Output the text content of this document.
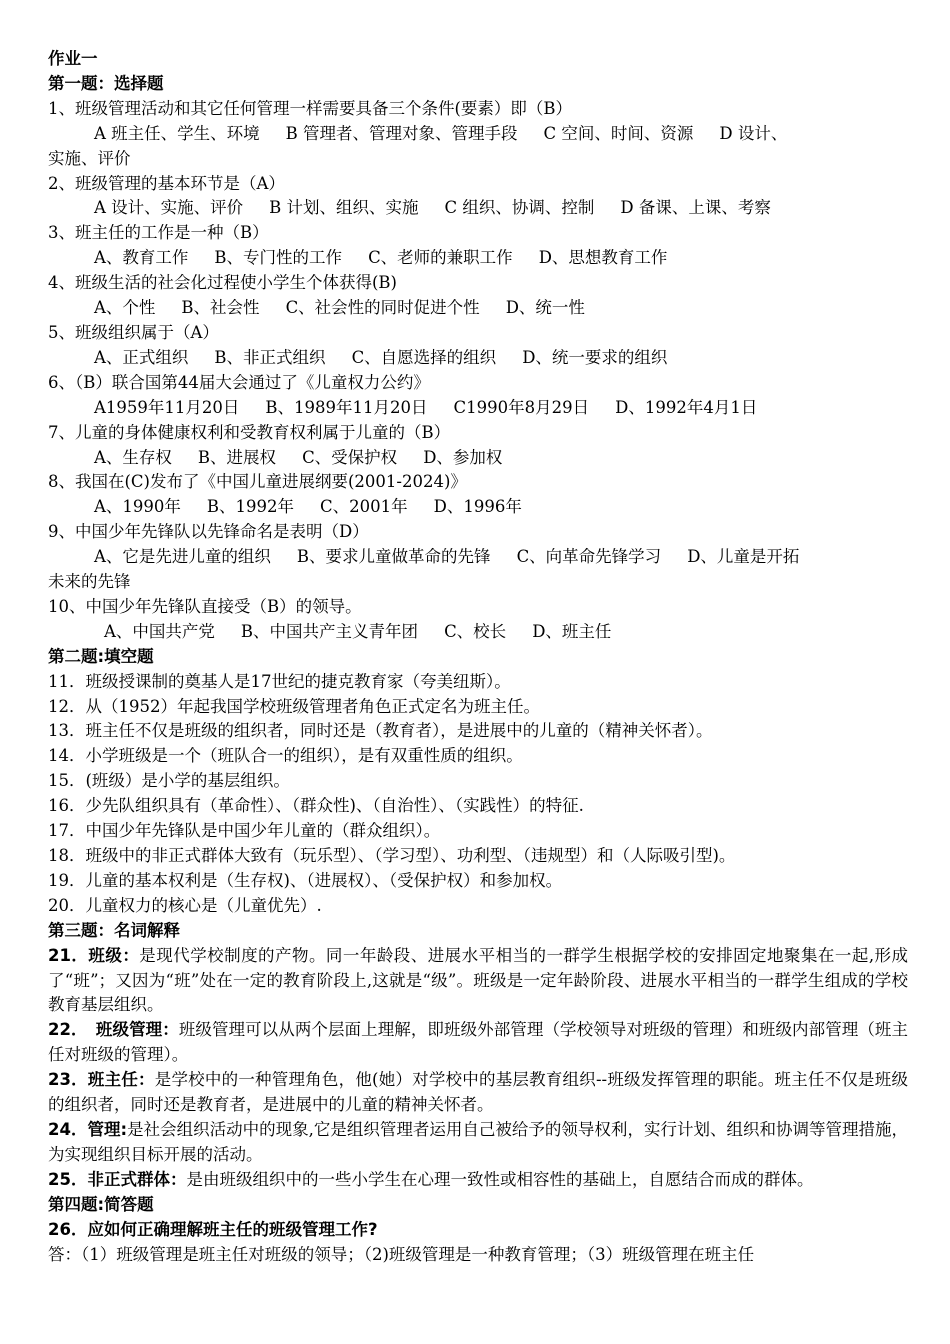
作业一
第一题：选择题
1、班级管理活动和其它任何管理一样需要具备三个条件(要素）即（B）
A 班主任、学生、环境 B 管理者、管理对象、管理手段 C 空间、时间、资源 D 设计、
实施、评价
2、班级管理的基本环节是（A）
A 设计、实施、评价 B 计划、组织、实施 C 组织、协调、控制 D 备课、上课、考察
3、班主任的工作是一种（B）
A、教育工作 B、专门性的工作 C、老师的兼职工作 D、思想教育工作
4、班级生活的社会化过程使小学生个体获得(B)
A、个性 B、社会性 C、社会性的同时促进个性 D、统一性
5、班级组织属于（A）
A、正式组织 B、非正式组织 C、自愿选择的组织 D、统一要求的组织
6、（B）联合国第44届大会通过了《儿童权力公约》
A1959年11月20日 B、1989年11月20日 C1990年8月29日 D、1992年4月1日
7、儿童的身体健康权利和受教育权利属于儿童的（B）
A、生存权 B、进展权 C、受保护权 D、参加权
8、我国在(C)发布了《中国儿童进展纲要(2001-2024)》
A、1990年 B、1992年 C、2001年 D、1996年
9、中国少年先锋队以先锋命名是表明（D）
A、它是先进儿童的组织 B、要求儿童做革命的先锋 C、向革命先锋学习 D、儿童是开拓
未来的先锋
10、中国少年先锋队直接受（B）的领导。
A、中国共产党 B、中国共产主义青年团 C、校长 D、班主任
第二题:填空题
11．班级授课制的奠基人是17世纪的捷克教育家（夸美纽斯）。
12．从（1952）年起我国学校班级管理者角色正式定名为班主任。
13．班主任不仅是班级的组织者，同时还是（教育者），是进展中的儿童的（精神关怀者）。
14．小学班级是一个（班队合一的组织），是有双重性质的组织。
15．(班级）是小学的基层组织。
16．少先队组织具有（革命性）、（群众性)、（自治性）、（实践性）的特征.
17．中国少年先锋队是中国少年儿童的（群众组织）。
18．班级中的非正式群体大致有（玩乐型）、（学习型）、功利型、（违规型）和（人际吸引型)。
19．儿童的基本权利是（生存权)、（进展权）、（受保护权）和参加权。
20．儿童权力的核心是（儿童优先）.
第三题：名词解释
21．班级：是现代学校制度的产物。同一年龄段、进展水平相当的一群学生根据学校的安排固定地聚集在一起,形成了“班”；又因为“班”处在一定的教育阶段上,这就是“级”。班级是一定年龄阶段、进展水平相当的一群学生组成的学校教育基层组织。
22．　班级管理：班级管理可以从两个层面上理解，即班级外部管理（学校领导对班级的管理）和班级内部管理（班主任对班级的管理）。
23．班主任：是学校中的一种管理角色，他(她）对学校中的基层教育组织--班级发挥管理的职能。班主任不仅是班级的组织者，同时还是教育者，是进展中的儿童的精神关怀者。
24．管理:是社会组织活动中的现象,它是组织管理者运用自己被给予的领导权利，实行计划、组织和协调等管理措施，为实现组织目标开展的活动。
25．非正式群体：是由班级组织中的一些小学生在心理一致性或相容性的基础上，自愿结合而成的群体。
第四题:简答题
26．应如何正确理解班主任的班级管理工作?
答：（1）班级管理是班主任对班级的领导；（2)班级管理是一种教育管理；（3）班级管理在班主任
